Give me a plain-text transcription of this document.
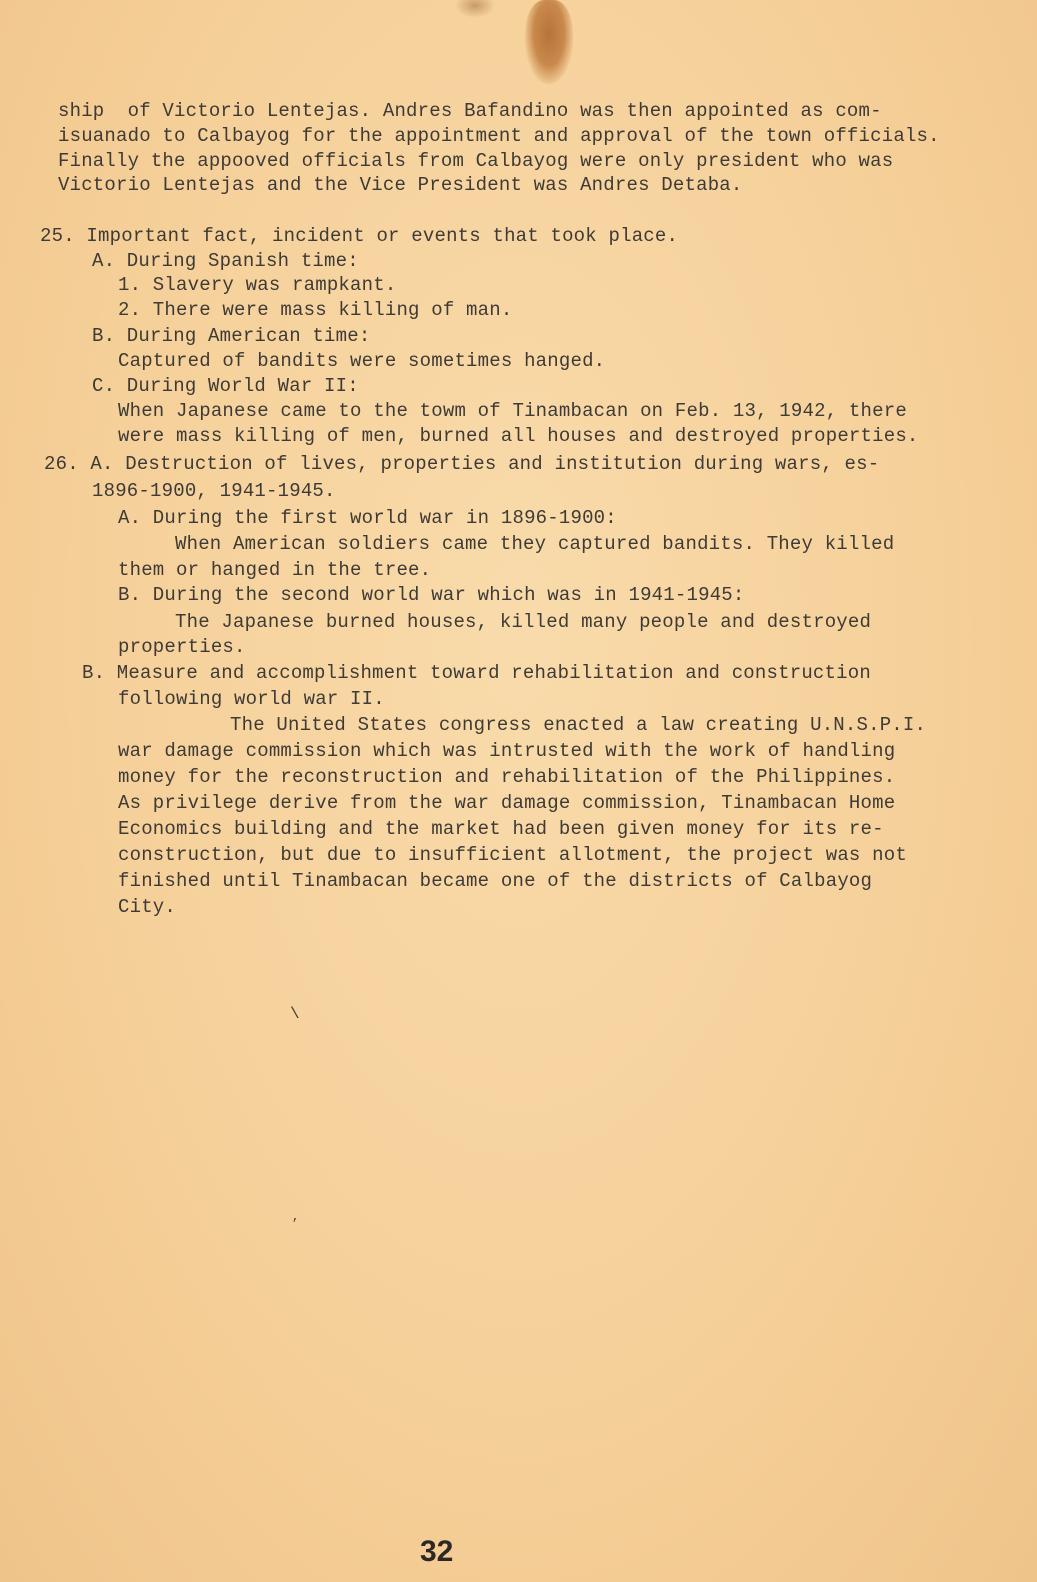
ship  of Victorio Lentejas. Andres Bafandino was then appointed as com-
isuanado to Calbayog for the appointment and approval of the town officials.
Finally the appooved officials from Calbayog were only president who was
Victorio Lentejas and the Vice President was Andres Detaba.
25. Important fact, incident or events that took place.
A. During Spanish time:
1. Slavery was rampkant.
2. There were mass killing of man.
B. During American time:
Captured of bandits were sometimes hanged.
C. During World War II:
When Japanese came to the towm of Tinambacan on Feb. 13, 1942, there
were mass killing of men, burned all houses and destroyed properties.
26. A. Destruction of lives, properties and institution during wars, es-
1896-1900, 1941-1945.
A. During the first world war in 1896-1900:
When American soldiers came they captured bandits. They killed
them or hanged in the tree.
B. During the second world war which was in 1941-1945:
The Japanese burned houses, killed many people and destroyed
properties.
B. Measure and accomplishment toward rehabilitation and construction
following world war II.
The United States congress enacted a law creating U.N.S.P.I.
war damage commission which was intrusted with the work of handling
money for the reconstruction and rehabilitation of the Philippines.
As privilege derive from the war damage commission, Tinambacan Home
Economics building and the market had been given money for its re-
construction, but due to insufficient allotment, the project was not
finished until Tinambacan became one of the districts of Calbayog
City.
\
,
32
